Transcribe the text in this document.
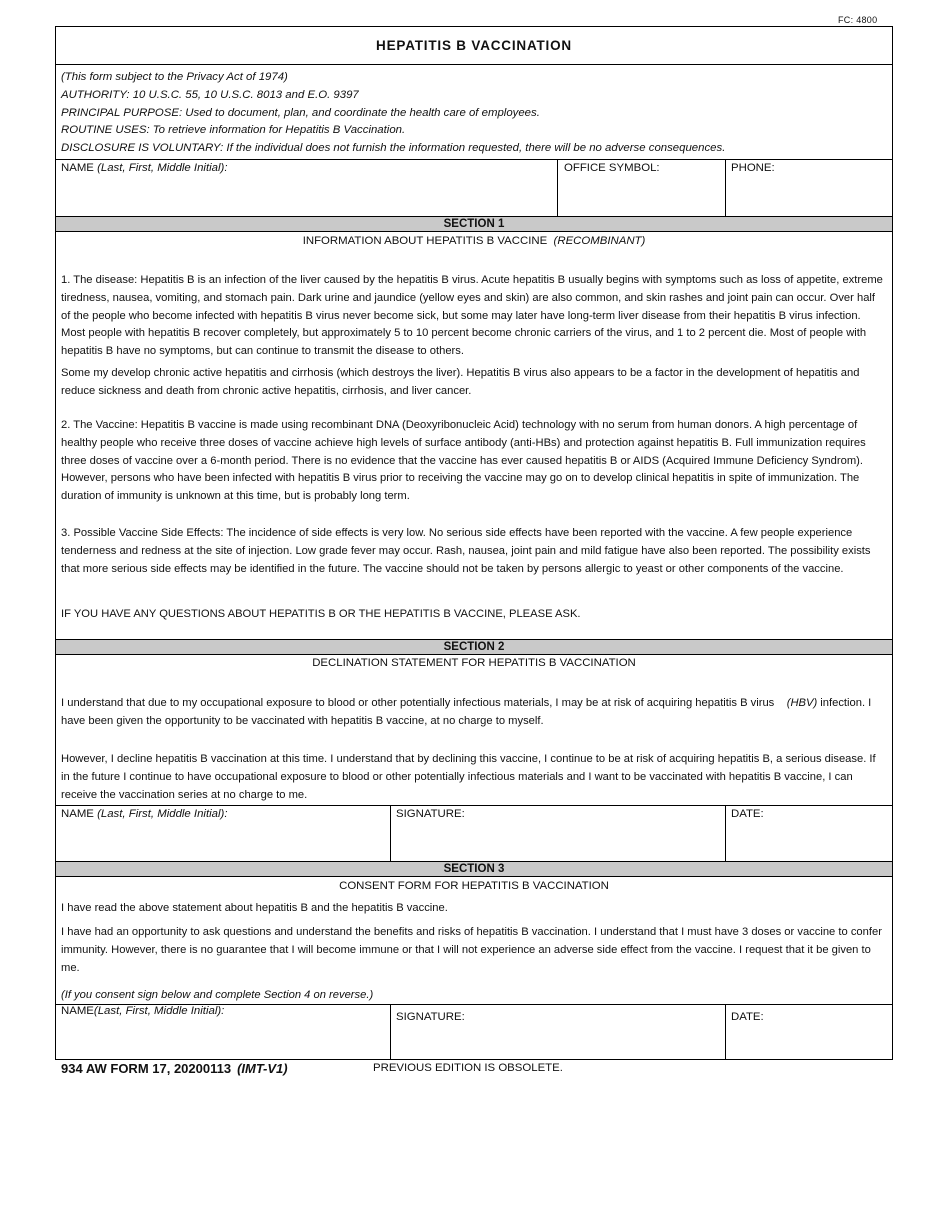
FC: 4800
HEPATITIS B VACCINATION
(This form subject to the Privacy Act of 1974)
AUTHORITY: 10 U.S.C. 55, 10 U.S.C. 8013 and E.O. 9397
PRINCIPAL PURPOSE: Used to document, plan, and coordinate the health care of employees.
ROUTINE USES: To retrieve information for Hepatitis B Vaccination.
DISCLOSURE IS VOLUNTARY: If the individual does not furnish the information requested, there will be no adverse consequences.
NAME (Last, First, Middle Initial):	OFFICE SYMBOL:	PHONE:
SECTION 1
INFORMATION ABOUT HEPATITIS B VACCINE (RECOMBINANT)
1. The disease: Hepatitis B is an infection of the liver caused by the hepatitis B virus. Acute hepatitis B usually begins with symptoms such as loss of appetite, extreme tiredness, nausea, vomiting, and stomach pain. Dark urine and jaundice (yellow eyes and skin) are also common, and skin rashes and joint pain can occur. Over half of the people who become infected with hepatitis B virus never become sick, but some may later have long-term liver disease from their hepatitis B virus infection. Most people with hepatitis B recover completely, but approximately 5 to 10 percent become chronic carriers of the virus, and 1 to 2 percent die. Most of people with hepatitis B have no symptoms, but can continue to transmit the disease to others.
Some my develop chronic active hepatitis and cirrhosis (which destroys the liver). Hepatitis B virus also appears to be a factor in the development of hepatitis and reduce sickness and death from chronic active hepatitis, cirrhosis, and liver cancer.
2. The Vaccine: Hepatitis B vaccine is made using recombinant DNA (Deoxyribonucleic Acid) technology with no serum from human donors. A high percentage of healthy people who receive three doses of vaccine achieve high levels of surface antibody (anti-HBs) and protection against hepatitis B. Full immunization requires three doses of vaccine over a 6-month period. There is no evidence that the vaccine has ever caused hepatitis B or AIDS (Acquired Immune Deficiency Syndrom). However, persons who have been infected with hepatitis B virus prior to receiving the vaccine may go on to develop clinical hepatitis in spite of immunization. The duration of immunity is unknown at this time, but is probably long term.
3. Possible Vaccine Side Effects: The incidence of side effects is very low. No serious side effects have been reported with the vaccine. A few people experience tenderness and redness at the site of injection. Low grade fever may occur. Rash, nausea, joint pain and mild fatigue have also been reported. The possibility exists that more serious side effects may be identified in the future. The vaccine should not be taken by persons allergic to yeast or other components of the vaccine.
IF YOU HAVE ANY QUESTIONS ABOUT HEPATITIS B OR THE HEPATITIS B VACCINE, PLEASE ASK.
SECTION 2
DECLINATION STATEMENT FOR HEPATITIS B VACCINATION
I understand that due to my occupational exposure to blood or other potentially infectious materials, I may be at risk of acquiring hepatitis B virus (HBV) infection. I have been given the opportunity to be vaccinated with hepatitis B vaccine, at no charge to myself.
However, I decline hepatitis B vaccination at this time. I understand that by declining this vaccine, I continue to be at risk of acquiring hepatitis B, a serious disease. If in the future I continue to have occupational exposure to blood or other potentially infectious materials and I want to be vaccinated with hepatitis B vaccine, I can receive the vaccination series at no charge to me.
NAME (Last, First, Middle Initial):	SIGNATURE:	DATE:
SECTION 3
CONSENT FORM FOR HEPATITIS B VACCINATION
I have read the above statement about hepatitis B and the hepatitis B vaccine.
I have had an opportunity to ask questions and understand the benefits and risks of hepatitis B vaccination. I understand that I must have 3 doses or vaccine to confer immunity. However, there is no guarantee that I will become immune or that I will not experience an adverse side effect from the vaccine. I request that it be given to me.
(If you consent sign below and complete Section 4 on reverse.)
NAME(Last, First, Middle Initial):	SIGNATURE:	DATE:
934 AW FORM 17, 20200113 (IMT-V1)	PREVIOUS EDITION IS OBSOLETE.
